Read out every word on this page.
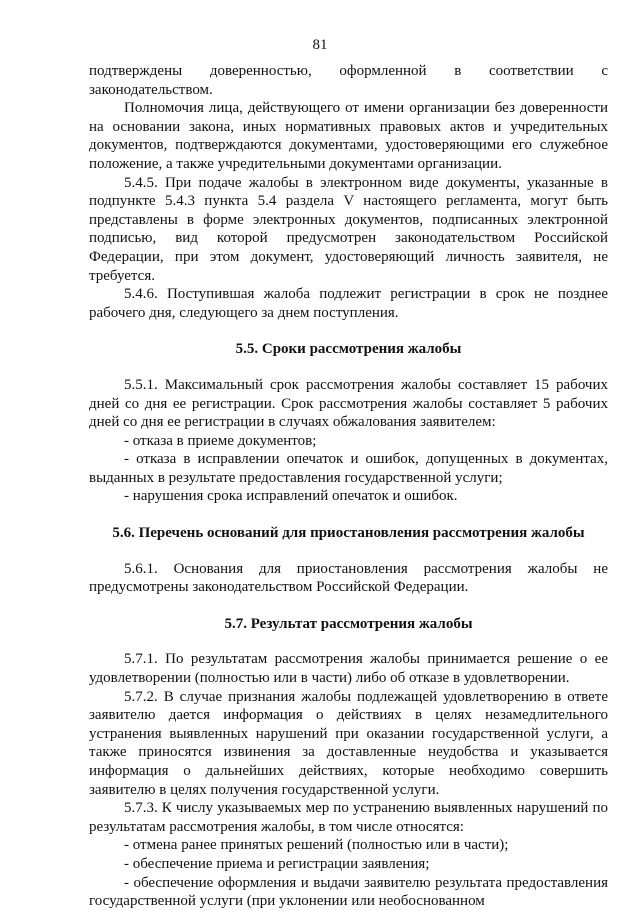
81

подтверждены доверенностью, оформленной в соответствии с законодательством.

Полномочия лица, действующего от имени организации без доверенности на основании закона, иных нормативных правовых актов и учредительных документов, подтверждаются документами, удостоверяющими его служебное положение, а также учредительными документами организации.

5.4.5. При подаче жалобы в электронном виде документы, указанные в подпункте 5.4.3 пункта 5.4 раздела V настоящего регламента, могут быть представлены в форме электронных документов, подписанных электронной подписью, вид которой предусмотрен законодательством Российской Федерации, при этом документ, удостоверяющий личность заявителя, не требуется.

5.4.6. Поступившая жалоба подлежит регистрации в срок не позднее рабочего дня, следующего за днем поступления.

5.5. Сроки рассмотрения жалобы

5.5.1. Максимальный срок рассмотрения жалобы составляет 15 рабочих дней со дня ее регистрации. Срок рассмотрения жалобы составляет 5 рабочих дней со дня ее регистрации в случаях обжалования заявителем:

- отказа в приеме документов;

- отказа в исправлении опечаток и ошибок, допущенных в документах, выданных в результате предоставления государственной услуги;

- нарушения срока исправлений опечаток и ошибок.

5.6. Перечень оснований для приостановления рассмотрения жалобы

5.6.1. Основания для приостановления рассмотрения жалобы не предусмотрены законодательством Российской Федерации.

5.7. Результат рассмотрения жалобы

5.7.1. По результатам рассмотрения жалобы принимается решение о ее удовлетворении (полностью или в части) либо об отказе в удовлетворении.

5.7.2. В случае признания жалобы подлежащей удовлетворению в ответе заявителю дается информация о действиях в целях незамедлительного устранения выявленных нарушений при оказании государственной услуги, а также приносятся извинения за доставленные неудобства и указывается информация о дальнейших действиях, которые необходимо совершить заявителю в целях получения государственной услуги.

5.7.3. К числу указываемых мер по устранению выявленных нарушений по результатам рассмотрения жалобы, в том числе относятся:

- отмена ранее принятых решений (полностью или в части);

- обеспечение приема и регистрации заявления;

- обеспечение оформления и выдачи заявителю результата предоставления государственной услуги (при уклонении или необоснованном
